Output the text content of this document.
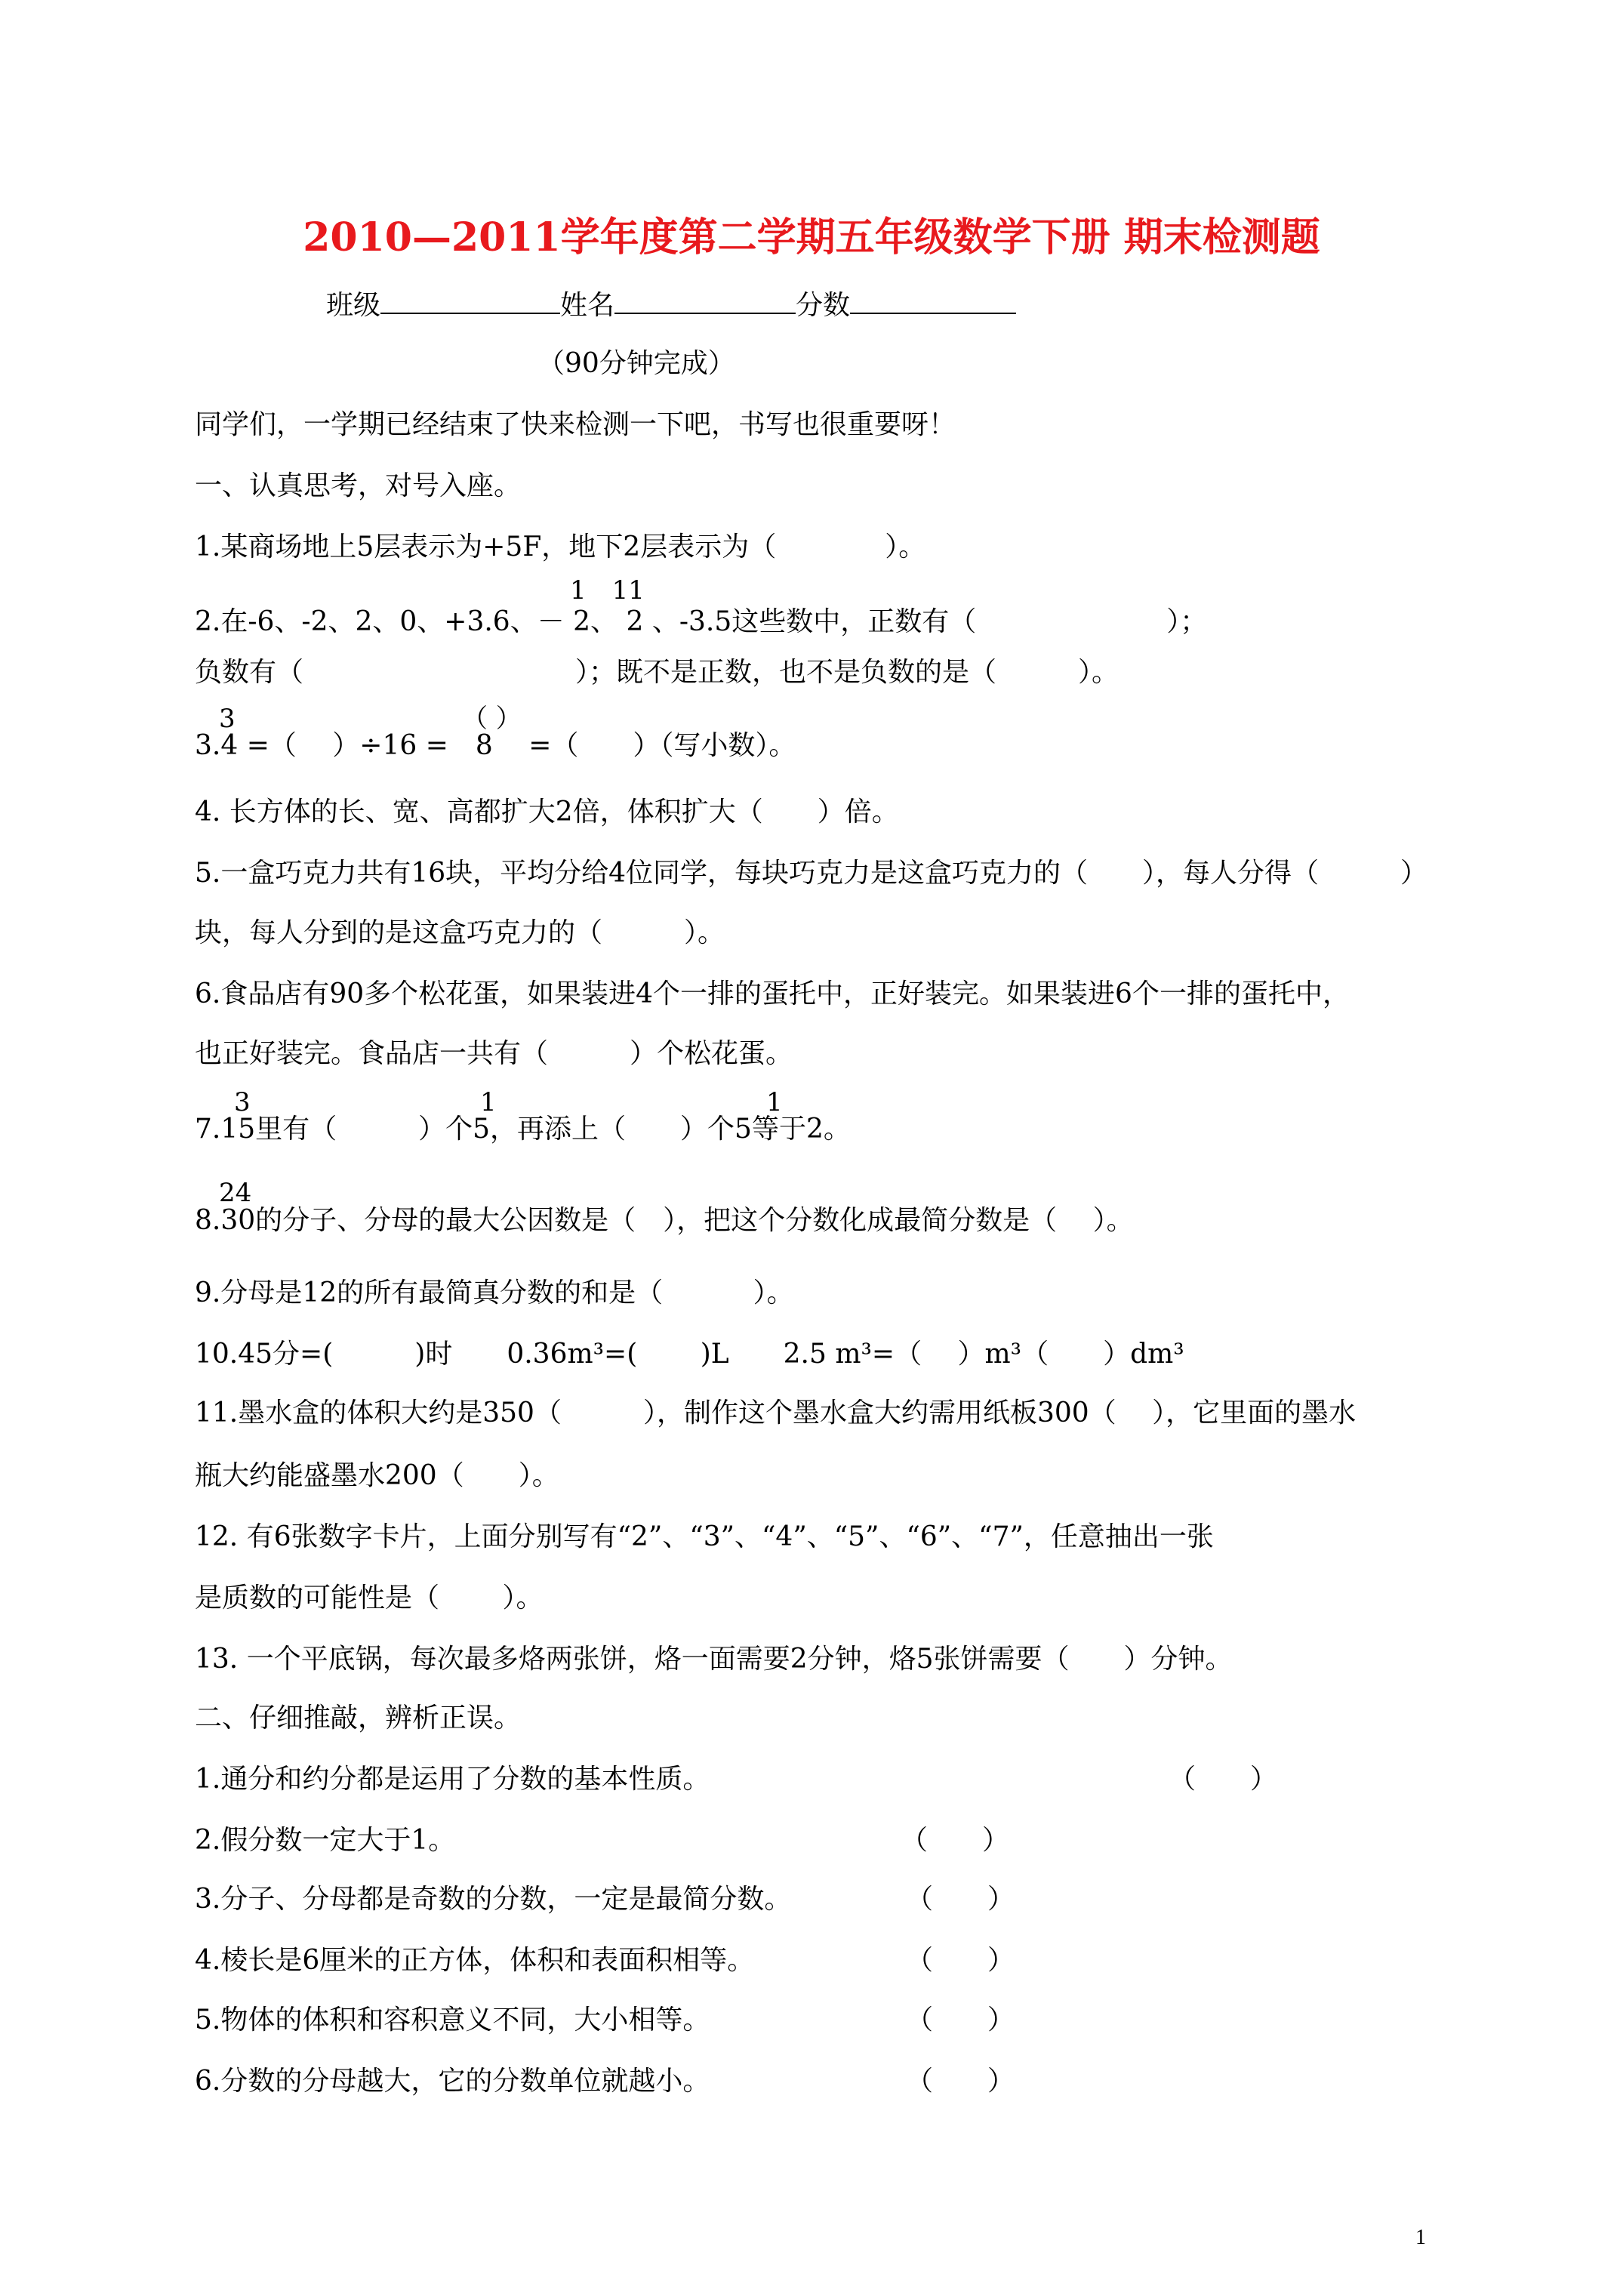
2010—2011学年度第二学期五年级数学下册 期末检测题
班级	姓名	分数
（90分钟完成）
同学们，一学期已经结束了快来检测一下吧，书写也很重要呀！
一、认真思考，对号入座。
1.某商场地上5层表示为+5F，地下2层表示为（　　　　）。
1　11
2.在-6、-2、2、0、+3.6、－ 2、 2 、-3.5这些数中，正数有（　　　　　　　）；
负数有（　　　　　　　　　　）；既不是正数，也不是负数的是（　　　）。
3	（ ）
3.4 =（　 ）÷16 =　8　 =（　　）（写小数）。
4. 长方体的长、宽、高都扩大2倍，体积扩大（　　）倍。
5.一盒巧克力共有16块，平均分给4位同学，每块巧克力是这盒巧克力的（　　），每人分得（　　　）
块，每人分到的是这盒巧克力的（　　　）。
6.食品店有90多个松花蛋，如果装进4个一排的蛋托中，正好装完。如果装进6个一排的蛋托中，
也正好装完。食品店一共有（　　　）个松花蛋。
3	1	1
7.15里有（　　　）个5，再添上（　　）个5等于2。
24
8.30的分子、分母的最大公因数是（　），把这个分数化成最简分数是（　 ）。
9.分母是12的所有最简真分数的和是（　　　 ）。
10.45分=(　　　)时　　0.36m³=(　　 )L　　2.5 m³=（　 ）m³（　　）dm³
11.墨水盒的体积大约是350（　　　），制作这个墨水盒大约需用纸板300（　 ），它里面的墨水
瓶大约能盛墨水200（　　）。
12. 有6张数字卡片，上面分别写有“2”、“3”、“4”、“5”、“6”、“7”，任意抽出一张
是质数的可能性是（　　 ）。
13. 一个平底锅，每次最多烙两张饼，烙一面需要2分钟，烙5张饼需要（　　）分钟。
二、仔细推敲，辨析正误。
1.通分和约分都是运用了分数的基本性质。	（　　）
2.假分数一定大于1。	（　　）
3.分子、分母都是奇数的分数，一定是最简分数。	（　　）
4.棱长是6厘米的正方体，体积和表面积相等。	（　　）
5.物体的体积和容积意义不同，大小相等。	（　　）
6.分数的分母越大，它的分数单位就越小。	（　　）
1
